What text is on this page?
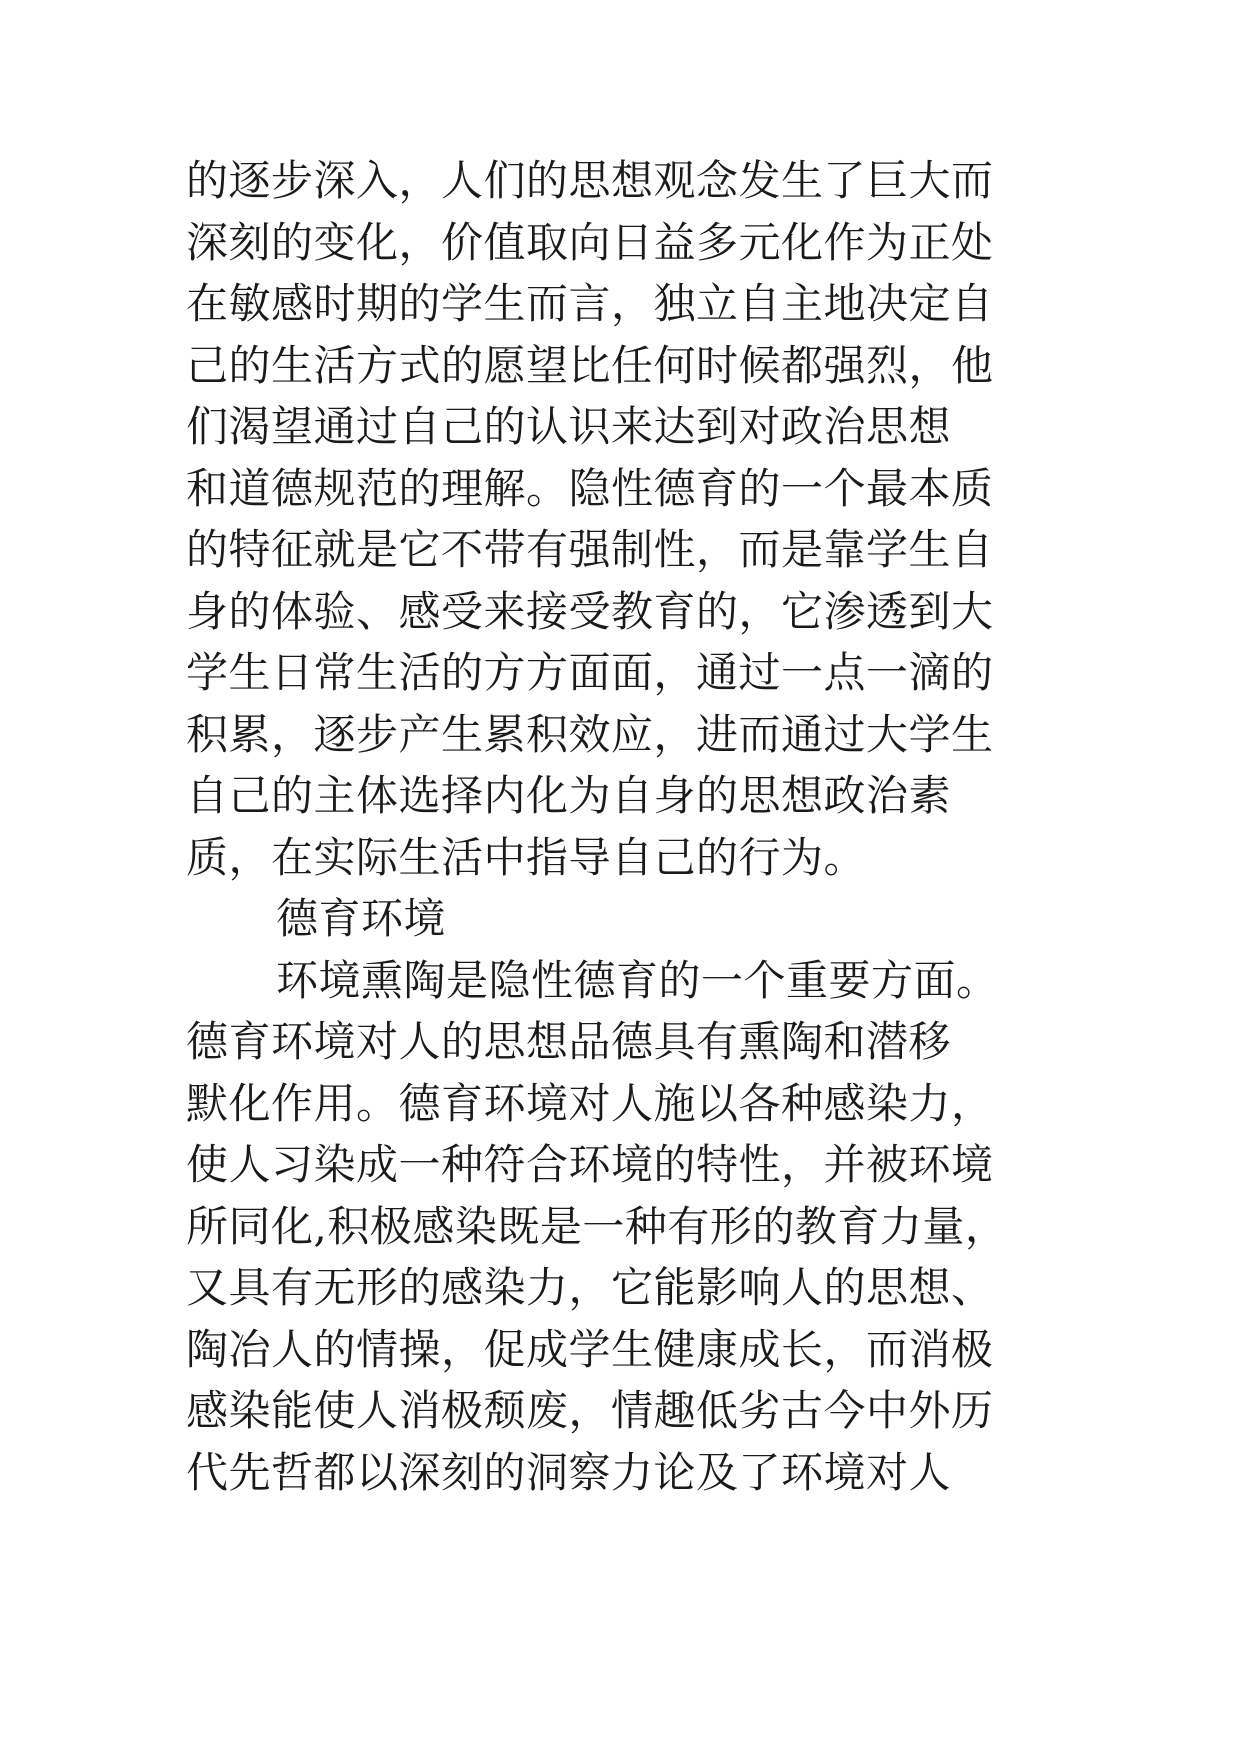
的逐步深入，人们的思想观念发生了巨大而
深刻的变化，价值取向日益多元化作为正处
在敏感时期的学生而言，独立自主地决定自
己的生活方式的愿望比任何时候都强烈，他
们渴望通过自己的认识来达到对政治思想
和道德规范的理解。隐性德育的一个最本质
的特征就是它不带有强制性，而是靠学生自
身的体验、感受来接受教育的，它渗透到大
学生日常生活的方方面面，通过一点一滴的
积累，逐步产生累积效应，进而通过大学生
自己的主体选择内化为自身的思想政治素
质，在实际生活中指导自己的行为。
德育环境
环境熏陶是隐性德育的一个重要方面。
德育环境对人的思想品德具有熏陶和潜移
默化作用。德育环境对人施以各种感染力，
使人习染成一种符合环境的特性，并被环境
所同化,积极感染既是一种有形的教育力量，
又具有无形的感染力，它能影响人的思想、
陶冶人的情操，促成学生健康成长，而消极
感染能使人消极颓废，情趣低劣古今中外历
代先哲都以深刻的洞察力论及了环境对人
